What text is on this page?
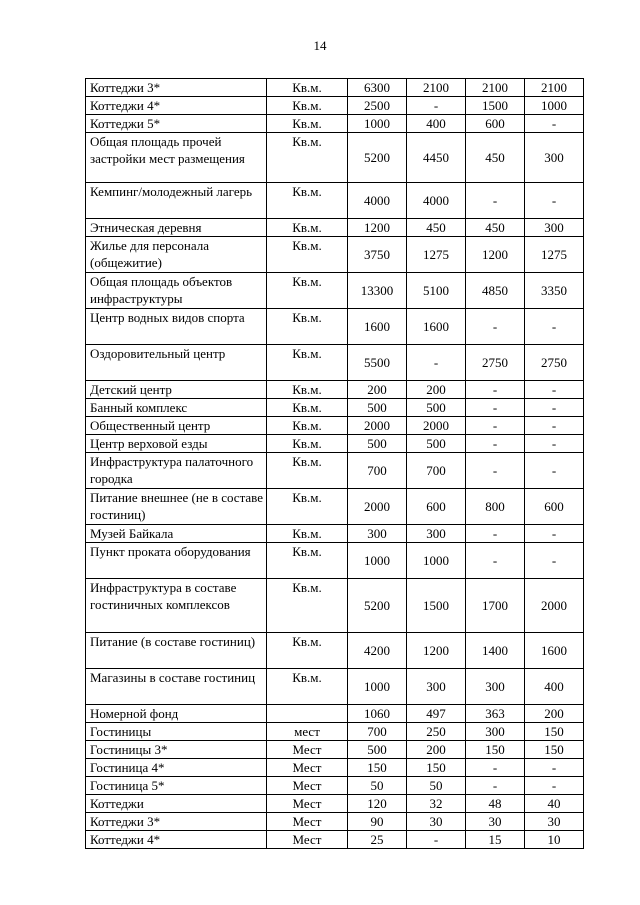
14
Коттеджи 3*	Кв.м.	6300	2100	2100	2100
Коттеджи 4*	Кв.м.	2500	-	1500	1000
Коттеджи 5*	Кв.м.	1000	400	600	-
Общая площадь прочей застройки мест размещения	Кв.м.	5200	4450	450	300
Кемпинг/молодежный лагерь	Кв.м.	4000	4000	-	-
Этническая деревня	Кв.м.	1200	450	450	300
Жилье для персонала (общежитие)	Кв.м.	3750	1275	1200	1275
Общая площадь объектов инфраструктуры	Кв.м.	13300	5100	4850	3350
Центр водных видов спорта	Кв.м.	1600	1600	-	-
Оздоровительный центр	Кв.м.	5500	-	2750	2750
Детский центр	Кв.м.	200	200	-	-
Банный комплекс	Кв.м.	500	500	-	-
Общественный центр	Кв.м.	2000	2000	-	-
Центр верховой езды	Кв.м.	500	500	-	-
Инфраструктура палаточного городка	Кв.м.	700	700	-	-
Питание внешнее (не в составе гостиниц)	Кв.м.	2000	600	800	600
Музей Байкала	Кв.м.	300	300	-	-
Пункт проката оборудования	Кв.м.	1000	1000	-	-
Инфраструктура в составе гостиничных комплексов	Кв.м.	5200	1500	1700	2000
Питание (в составе гостиниц)	Кв.м.	4200	1200	1400	1600
Магазины в составе гостиниц	Кв.м.	1000	300	300	400
Номерной фонд		1060	497	363	200
Гостиницы	мест	700	250	300	150
Гостиницы 3*	Мест	500	200	150	150
Гостиница 4*	Мест	150	150	-	-
Гостиница 5*	Мест	50	50	-	-
Коттеджи	Мест	120	32	48	40
Коттеджи 3*	Мест	90	30	30	30
Коттеджи 4*	Мест	25	-	15	10
